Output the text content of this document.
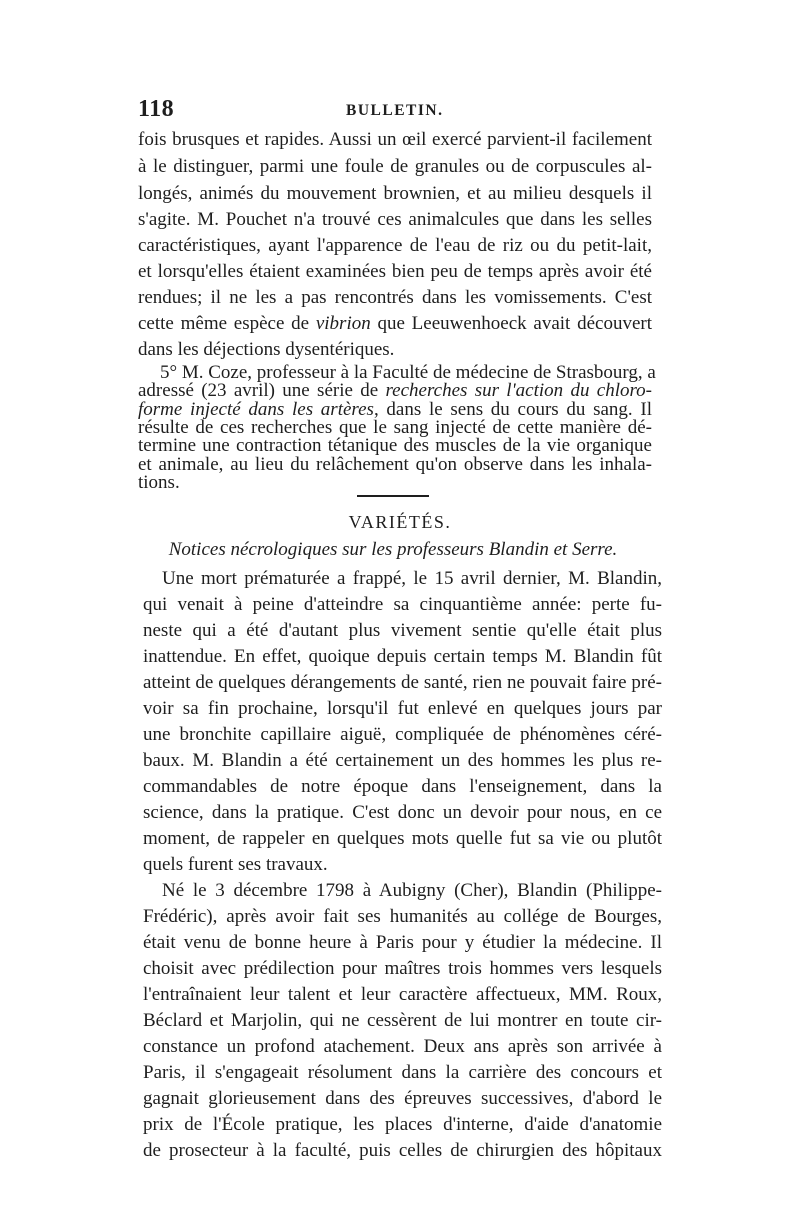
118	BULLETIN.
fois brusques et rapides. Aussi un œil exercé parvient-il facilement
à le distinguer, parmi une foule de granules ou de corpuscules al-
longés, animés du mouvement brownien, et au milieu desquels il
s'agite. M. Pouchet n'a trouvé ces animalcules que dans les selles
caractéristiques, ayant l'apparence de l'eau de riz ou du petit-lait,
et lorsqu'elles étaient examinées bien peu de temps après avoir été
rendues; il ne les a pas rencontrés dans les vomissements. C'est
cette même espèce de vibrion que Leeuwenhoeck avait découvert
dans les déjections dysentériques.
5° M. Coze, professeur à la Faculté de médecine de Strasbourg, a
adressé (23 avril) une série de recherches sur l'action du chloro-
forme injecté dans les artères, dans le sens du cours du sang. Il
résulte de ces recherches que le sang injecté de cette manière dé-
termine une contraction tétanique des muscles de la vie organique
et animale, au lieu du relâchement qu'on observe dans les inhala-
tions.
VARIÉTÉS.
Notices nécrologiques sur les professeurs Blandin et Serre.
Une mort prématurée a frappé, le 15 avril dernier, M. Blandin,
qui venait à peine d'atteindre sa cinquantième année: perte fu-
neste qui a été d'autant plus vivement sentie qu'elle était plus
inattendue. En effet, quoique depuis certain temps M. Blandin fût
atteint de quelques dérangements de santé, rien ne pouvait faire pré-
voir sa fin prochaine, lorsqu'il fut enlevé en quelques jours par
une bronchite capillaire aiguë, compliquée de phénomènes céré-
baux. M. Blandin a été certainement un des hommes les plus re-
commandables de notre époque dans l'enseignement, dans la
science, dans la pratique. C'est donc un devoir pour nous, en ce
moment, de rappeler en quelques mots quelle fut sa vie ou plutôt
quels furent ses travaux.
Né le 3 décembre 1798 à Aubigny (Cher), Blandin (Philippe-
Frédéric), après avoir fait ses humanités au collége de Bourges,
était venu de bonne heure à Paris pour y étudier la médecine. Il
choisit avec prédilection pour maîtres trois hommes vers lesquels
l'entraînaient leur talent et leur caractère affectueux, MM. Roux,
Béclard et Marjolin, qui ne cessèrent de lui montrer en toute cir-
constance un profond atachement. Deux ans après son arrivée à
Paris, il s'engageait résolument dans la carrière des concours et
gagnait glorieusement dans des épreuves successives, d'abord le
prix de l'École pratique, les places d'interne, d'aide d'anatomie
de prosecteur à la faculté, puis celles de chirurgien des hôpitaux
